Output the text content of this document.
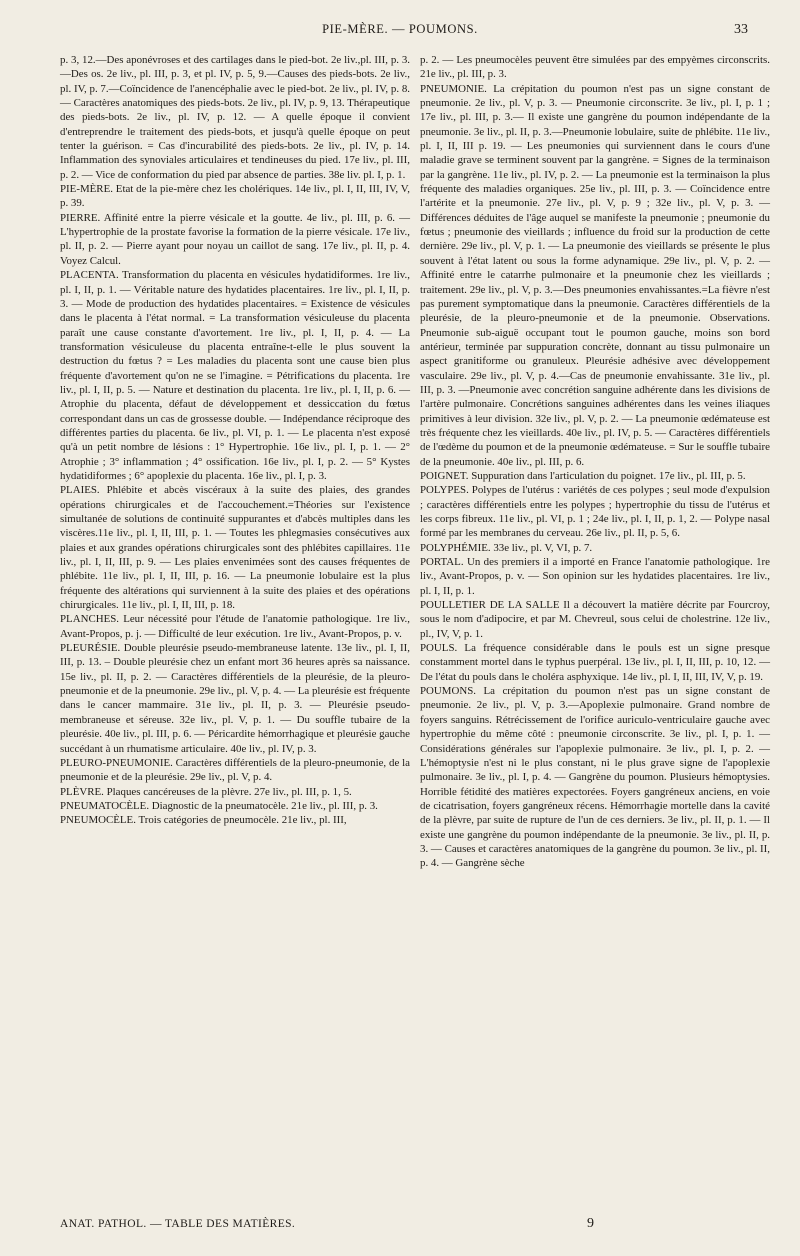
PIE-MÈRE. — POUMONS.	33

p. 3, 12.—Des aponévroses et des cartilages dans le pied-bot. 2e liv.,pl. III, p. 3.—Des os. 2e liv., pl. III, p. 3, et pl. IV, p. 5, 9.—Causes des pieds-bots. 2e liv., pl. IV, p. 7.—Coïncidence de l'anencéphalie avec le pied-bot. 2e liv., pl. IV, p. 8. — Caractères anatomiques des pieds-bots. 2e liv., pl. IV, p. 9, 13. Thérapeutique des pieds-bots. 2e liv., pl. IV, p. 12. — A quelle époque il convient d'entreprendre le traitement des pieds-bots, et jusqu'à quelle époque on peut tenter la guérison. = Cas d'incurabilité des pieds-bots. 2e liv., pl. IV, p. 14. Inflammation des synoviales articulaires et tendineuses du pied. 17e liv., pl. III, p. 2. — Vice de conformation du pied par absence de parties. 38e liv. pl. I, p. 1.

PIE-MÈRE. Etat de la pie-mère chez les cholériques. 14e liv., pl. I, II, III, IV, V, p. 39.

PIERRE. Affinité entre la pierre vésicale et la goutte. 4e liv., pl. III, p. 6. —L'hypertrophie de la prostate favorise la formation de la pierre vésicale. 17e liv., pl. II, p. 2. — Pierre ayant pour noyau un caillot de sang. 17e liv., pl. II, p. 4. Voyez Calcul.

PLACENTA. Transformation du placenta en vésicules hydatidiformes. 1re liv., pl. I, II, p. 1. — Véritable nature des hydatides placentaires. 1re liv., pl. I, II, p. 3. — Mode de production des hydatides placentaires. = Existence de vésicules dans le placenta à l'état normal. = La transformation vésiculeuse du placenta paraît une cause constante d'avortement. 1re liv., pl. I, II, p. 4. — La transformation vésiculeuse du placenta entraîne-t-elle le plus souvent la destruction du fœtus ? = Les maladies du placenta sont une cause bien plus fréquente d'avortement qu'on ne se l'imagine. = Pétrifications du placenta. 1re liv., pl. I, II, p. 5. — Nature et destination du placenta. 1re liv., pl. I, II, p. 6. — Atrophie du placenta, défaut de développement et dessiccation du fœtus correspondant dans un cas de grossesse double. — Indépendance réciproque des différentes parties du placenta. 6e liv., pl. VI, p. 1. — Le placenta n'est exposé qu'à un petit nombre de lésions : 1° Hypertrophie. 16e liv., pl. I, p. 1. — 2° Atrophie ; 3° inflammation ; 4° ossification. 16e liv., pl. I, p. 2. — 5° Kystes hydatidiformes ; 6° apoplexie du placenta. 16e liv., pl. I, p. 3.

PLAIES. Phlébite et abcès viscéraux à la suite des plaies, des grandes opérations chirurgicales et de l'accouchement.=Théories sur l'existence simultanée de solutions de continuité suppurantes et d'abcès multiples dans les viscères.11e liv., pl. I, II, III, p. 1. — Toutes les phlegmasies consécutives aux plaies et aux grandes opérations chirurgicales sont des phlébites capillaires. 11e liv., pl. I, II, III, p. 9. — Les plaies envenimées sont des causes fréquentes de phlébite. 11e liv., pl. I, II, III, p. 16. — La pneumonie lobulaire est la plus fréquente des altérations qui surviennent à la suite des plaies et des opérations chirurgicales. 11e liv., pl. I, II, III, p. 18.

PLANCHES. Leur nécessité pour l'étude de l'anatomie pathologique. 1re liv., Avant-Propos, p. j. — Difficulté de leur exécution. 1re liv., Avant-Propos, p. v.

PLEURÉSIE. Double pleurésie pseudo-membraneuse latente. 13e liv., pl. I, II, III, p. 13. – Double pleurésie chez un enfant mort 36 heures après sa naissance. 15e liv., pl. II, p. 2. — Caractères différentiels de la pleurésie, de la pleuro-pneumonie et de la pneumonie. 29e liv., pl. V, p. 4. — La pleurésie est fréquente dans le cancer mammaire. 31e liv., pl. II, p. 3. — Pleurésie pseudo-membraneuse et séreuse. 32e liv., pl. V, p. 1. — Du souffle tubaire de la pleurésie. 40e liv., pl. III, p. 6. — Péricardite hémorrhagique et pleurésie gauche succédant à un rhumatisme articulaire. 40e liv., pl. IV, p. 3.

PLEURO-PNEUMONIE. Caractères différentiels de la pleuro-pneumonie, de la pneumonie et de la pleurésie. 29e liv., pl. V, p. 4.

PLÈVRE. Plaques cancéreuses de la plèvre. 27e liv., pl. III, p. 1, 5.

PNEUMATOCÈLE. Diagnostic de la pneumatocèle. 21e liv., pl. III, p. 3.

PNEUMOCÈLE. Trois catégories de pneumocèle. 21e liv., pl. III,

p. 2. — Les pneumocèles peuvent être simulées par des empyèmes circonscrits. 21e liv., pl. III, p. 3.

PNEUMONIE. La crépitation du poumon n'est pas un signe constant de pneumonie. 2e liv., pl. V, p. 3. — Pneumonie circonscrite. 3e liv., pl. I, p. 1 ; 17e liv., pl. III, p. 3.— Il existe une gangrène du poumon indépendante de la pneumonie. 3e liv., pl. II, p. 3.—Pneumonie lobulaire, suite de phlébite. 11e liv., pl. I, II, III p. 19. — Les pneumonies qui surviennent dans le cours d'une maladie grave se terminent souvent par la gangrène. = Signes de la terminaison par la gangrène. 11e liv., pl. IV, p. 2. — La pneumonie est la terminaison la plus fréquente des maladies organiques. 25e liv., pl. III, p. 3. — Coïncidence entre l'artérite et la pneumonie. 27e liv., pl. V, p. 9 ; 32e liv., pl. V, p. 3. — Différences déduites de l'âge auquel se manifeste la pneumonie ; pneumonie du fœtus ; pneumonie des vieillards ; influence du froid sur la production de cette dernière. 29e liv., pl. V, p. 1. — La pneumonie des vieillards se présente le plus souvent à l'état latent ou sous la forme adynamique. 29e liv., pl. V, p. 2. — Affinité entre le catarrhe pulmonaire et la pneumonie chez les vieillards ; traitement. 29e liv., pl. V, p. 3.—Des pneumonies envahissantes.=La fièvre n'est pas purement symptomatique dans la pneumonie. Caractères différentiels de la pleurésie, de la pleuro-pneumonie et de la pneumonie. Observations. Pneumonie sub-aiguë occupant tout le poumon gauche, moins son bord antérieur, terminée par suppuration concrète, donnant au tissu pulmonaire un aspect granitiforme ou granuleux. Pleurésie adhésive avec développement vasculaire. 29e liv., pl. V, p. 4.—Cas de pneumonie envahissante. 31e liv., pl. III, p. 3. —Pneumonie avec concrétion sanguine adhérente dans les divisions de l'artère pulmonaire. Concrétions sanguines adhérentes dans les veines iliaques primitives à leur division. 32e liv., pl. V, p. 2. — La pneumonie œdémateuse est très fréquente chez les vieillards. 40e liv., pl. IV, p. 5. — Caractères différentiels de l'œdème du poumon et de la pneumonie œdémateuse. = Sur le souffle tubaire de la pneumonie. 40e liv., pl. III, p. 6.

POIGNET. Suppuration dans l'articulation du poignet. 17e liv., pl. III, p. 5.

POLYPES. Polypes de l'utérus : variétés de ces polypes ; seul mode d'expulsion ; caractères différentiels entre les polypes ; hypertrophie du tissu de l'utérus et les corps fibreux. 11e liv., pl. VI, p. 1 ; 24e liv., pl. I, II, p. 1, 2. — Polype nasal formé par les membranes du cerveau. 26e liv., pl. II, p. 5, 6.

POLYPHÉMIE. 33e liv., pl. V, VI, p. 7.

PORTAL. Un des premiers il a importé en France l'anatomie pathologique. 1re liv., Avant-Propos, p. v. — Son opinion sur les hydatides placentaires. 1re liv., pl. I, II, p. 1.

POULLETIER DE LA SALLE Il a découvert la matière décrite par Fourcroy, sous le nom d'adipocire, et par M. Chevreul, sous celui de cholestrine. 12e liv., pl., IV, V, p. 1.

POULS. La fréquence considérable dans le pouls est un signe presque constamment mortel dans le typhus puerpéral. 13e liv., pl. I, II, III, p. 10, 12. — De l'état du pouls dans le choléra asphyxique. 14e liv., pl. I, II, III, IV, V, p. 19.

POUMONS. La crépitation du poumon n'est pas un signe constant de pneumonie. 2e liv., pl. V, p. 3.—Apoplexie pulmonaire. Grand nombre de foyers sanguins. Rétrécissement de l'orifice auriculo-ventriculaire gauche avec hypertrophie du même côté : pneumonie circonscrite. 3e liv., pl. I, p. 1. — Considérations générales sur l'apoplexie pulmonaire. 3e liv., pl. I, p. 2. — L'hémoptysie n'est ni le plus constant, ni le plus grave signe de l'apoplexie pulmonaire. 3e liv., pl. I, p. 4. — Gangrène du poumon. Plusieurs hémoptysies. Horrible fétidité des matières expectorées. Foyers gangréneux anciens, en voie de cicatrisation, foyers gangréneux récens. Hémorrhagie mortelle dans la cavité de la plèvre, par suite de rupture de l'un de ces derniers. 3e liv., pl. II, p. 1. — Il existe une gangrène du poumon indépendante de la pneumonie. 3e liv., pl. II, p. 3. — Causes et caractères anatomiques de la gangrène du poumon. 3e liv., pl. II, p. 4. — Gangrène sèche

ANAT. PATHOL. — TABLE DES MATIÈRES.	9
